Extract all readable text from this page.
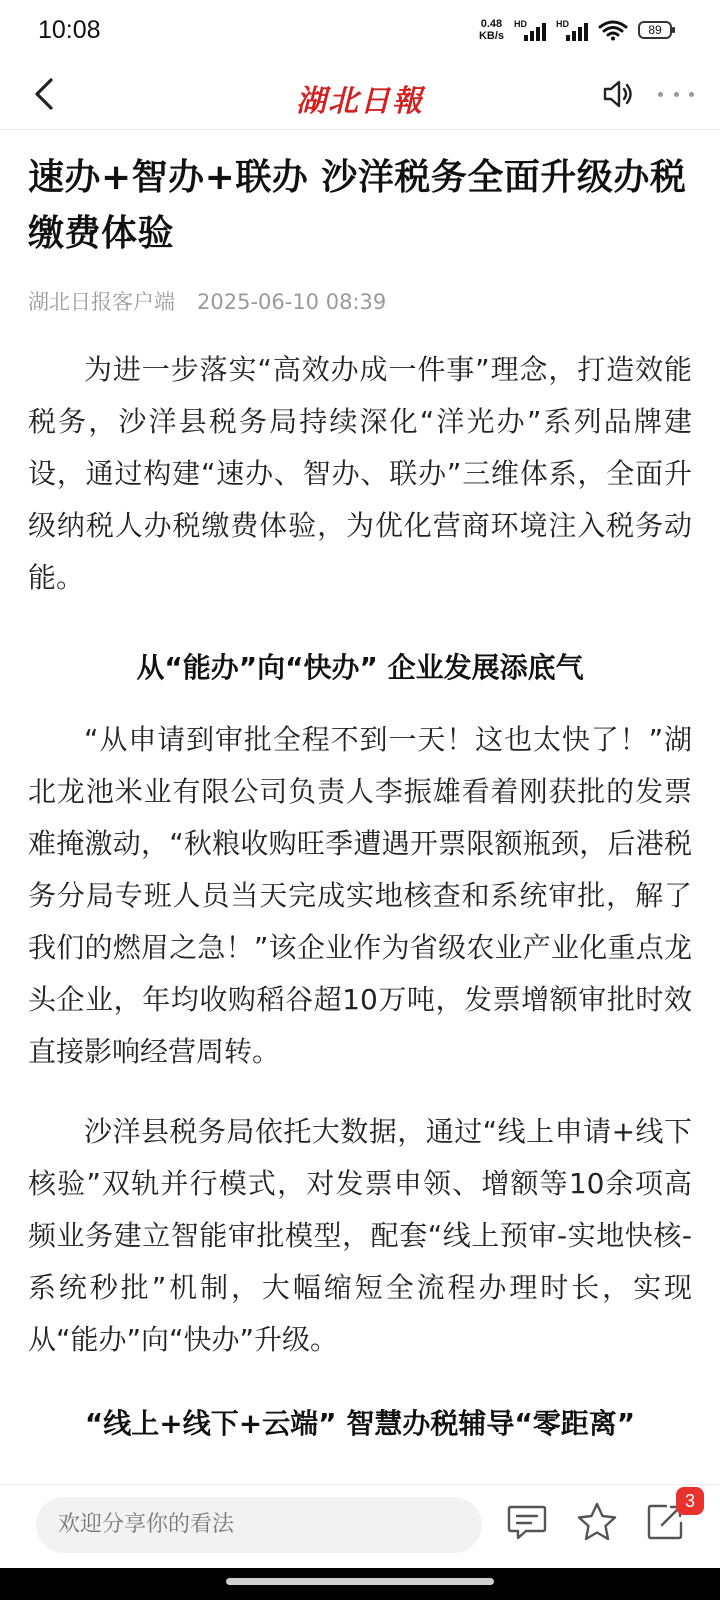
10:08	0.48
KB/s
HD	HD	89
湖北日報
速办+智办+联办 沙洋税务全面升级办税缴费体验
湖北日报客户端 2025-06-10 08:39

为进一步落实“高效办成一件事”理念，打造效能税务，沙洋县税务局持续深化“洋光办”系列品牌建设，通过构建“速办、智办、联办”三维体系，全面升级纳税人办税缴费体验，为优化营商环境注入税务动能。

从“能办”向“快办” 企业发展添底气

“从申请到审批全程不到一天！这也太快了！”湖北龙池米业有限公司负责人李振雄看着刚获批的发票难掩激动，“秋粮收购旺季遭遇开票限额瓶颈，后港税务分局专班人员当天完成实地核查和系统审批，解了我们的燃眉之急！”该企业作为省级农业产业化重点龙头企业，年均收购稻谷超10万吨，发票增额审批时效直接影响经营周转。

沙洋县税务局依托大数据，通过“线上申请+线下核验”双轨并行模式，对发票申领、增额等10余项高频业务建立智能审批模型，配套“线上预审-实地快核-系统秒批”机制，大幅缩短全流程办理时长，实现从“能办”向“快办”升级。

“线上+线下+云端” 智慧办税辅导“零距离”
欢迎分享你的看法
3
